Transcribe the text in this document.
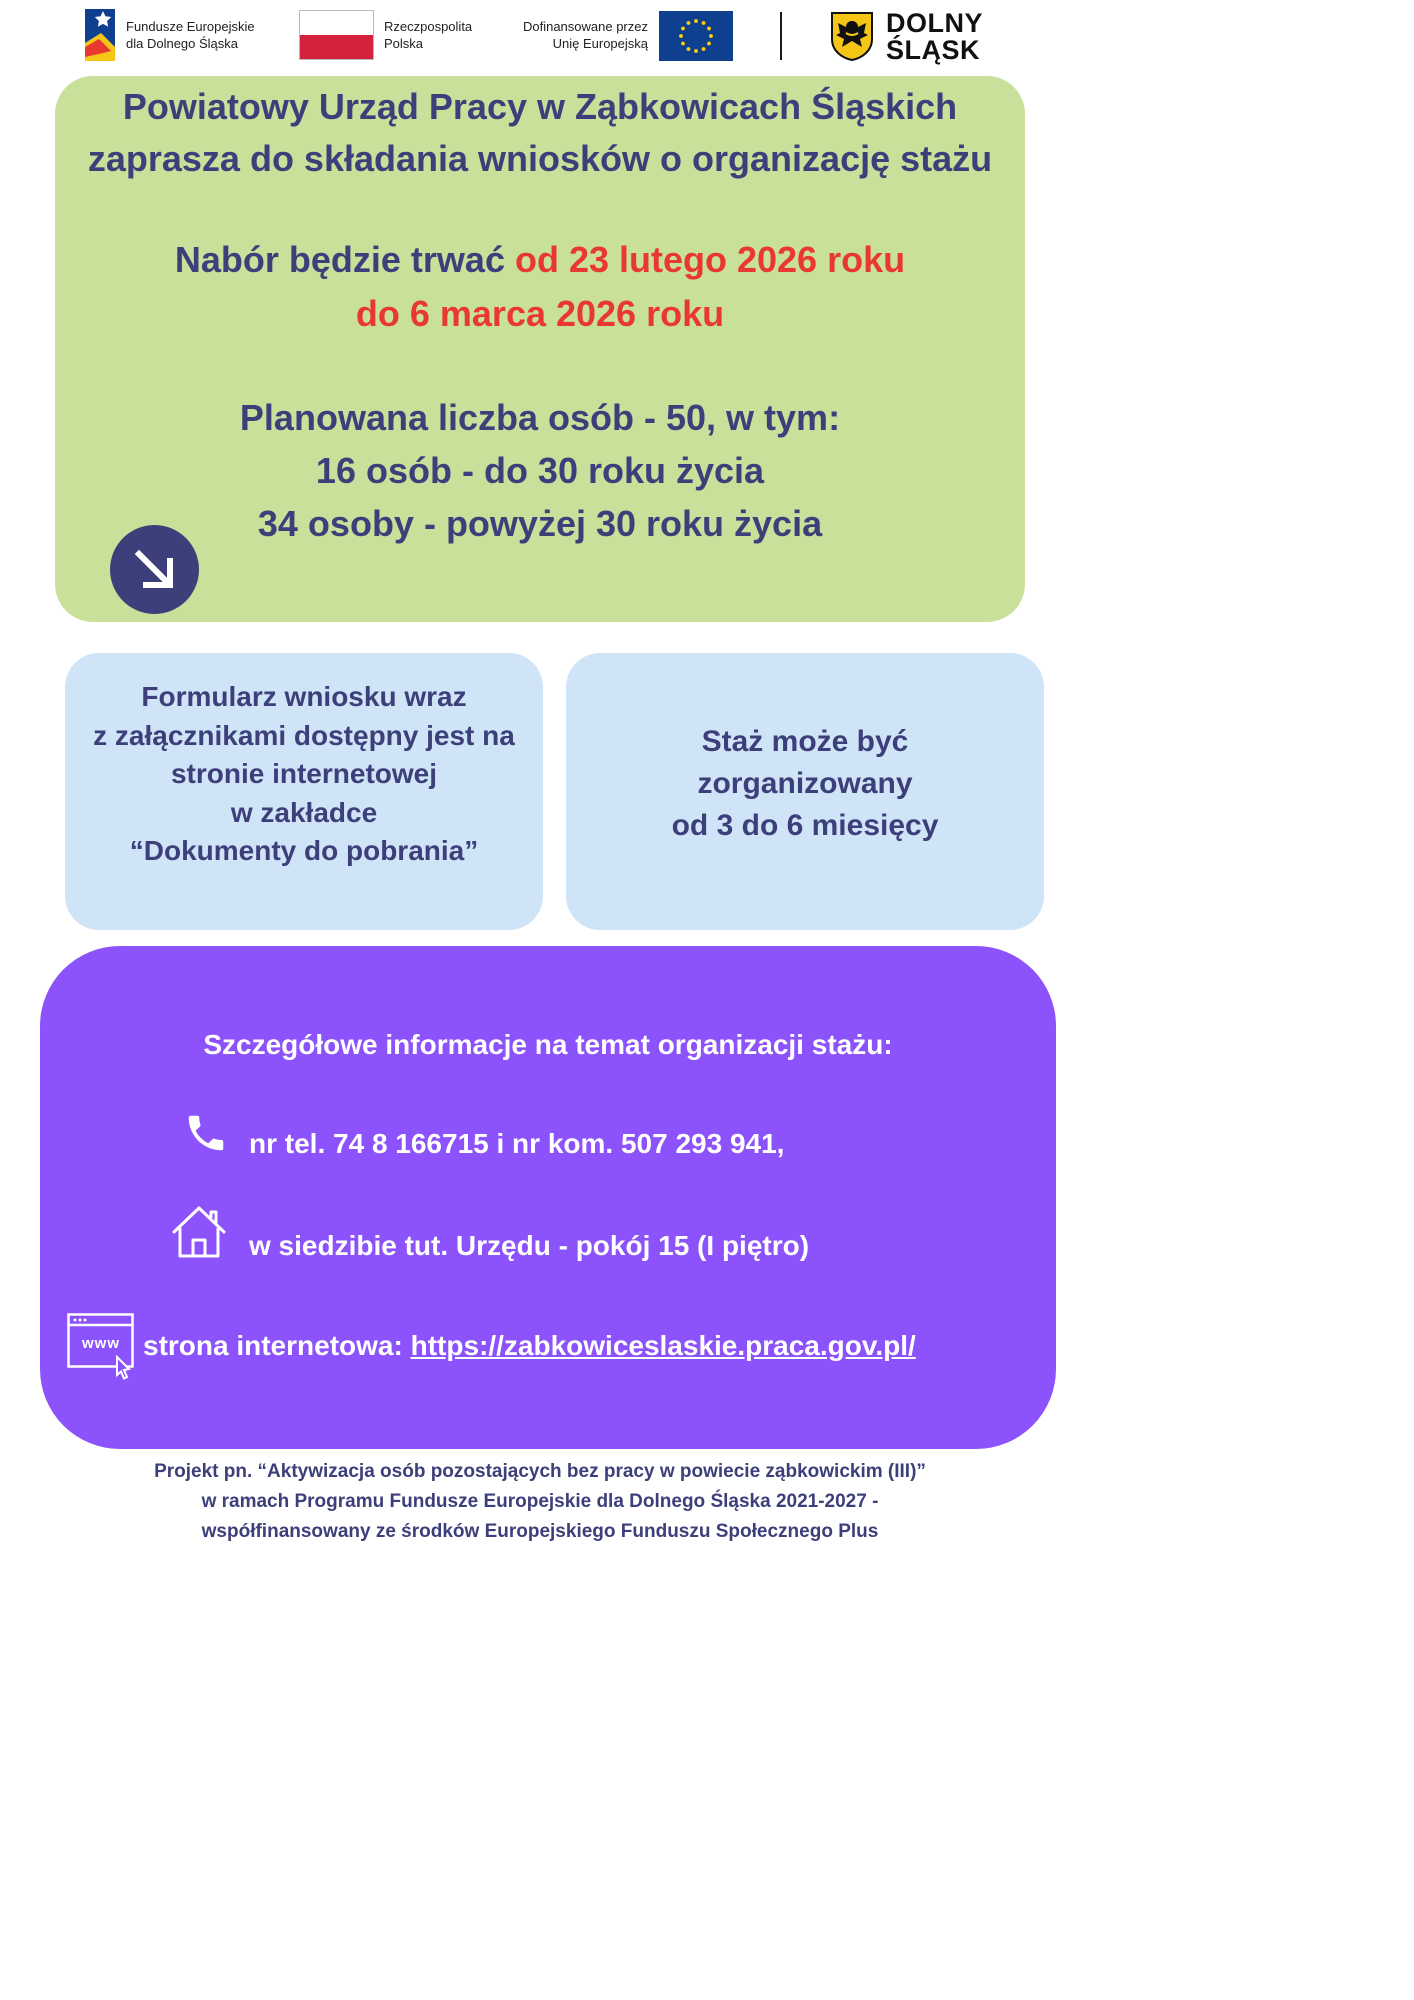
Fundusze Europejskie
dla Dolnego Śląska
Rzeczpospolita
Polska
Dofinansowane przez
Unię Europejską
DOLNY
ŚLĄSK
Powiatowy Urząd Pracy w Ząbkowicach Śląskich
zaprasza do składania wniosków o organizację stażu
Nabór będzie trwać od 23 lutego 2026 roku
do 6 marca 2026 roku
Planowana liczba osób - 50, w tym:
16 osób - do 30 roku życia
34 osoby - powyżej 30 roku życia
Formularz wniosku wraz
z załącznikami dostępny jest na
stronie internetowej
w zakładce
“Dokumenty do pobrania”
Staż może być
zorganizowany
od 3 do 6 miesięcy
Szczegółowe informacje na temat organizacji stażu:
nr tel. 74 8 166715 i nr kom. 507 293 941,
w siedzibie tut. Urzędu - pokój 15 (I piętro)
www strona internetowa: https://zabkowiceslaskie.praca.gov.pl/
Projekt pn. “Aktywizacja osób pozostających bez pracy w powiecie ząbkowickim (III)”
w ramach Programu Fundusze Europejskie dla Dolnego Śląska 2021-2027 -
współfinansowany ze środków Europejskiego Funduszu Społecznego Plus
